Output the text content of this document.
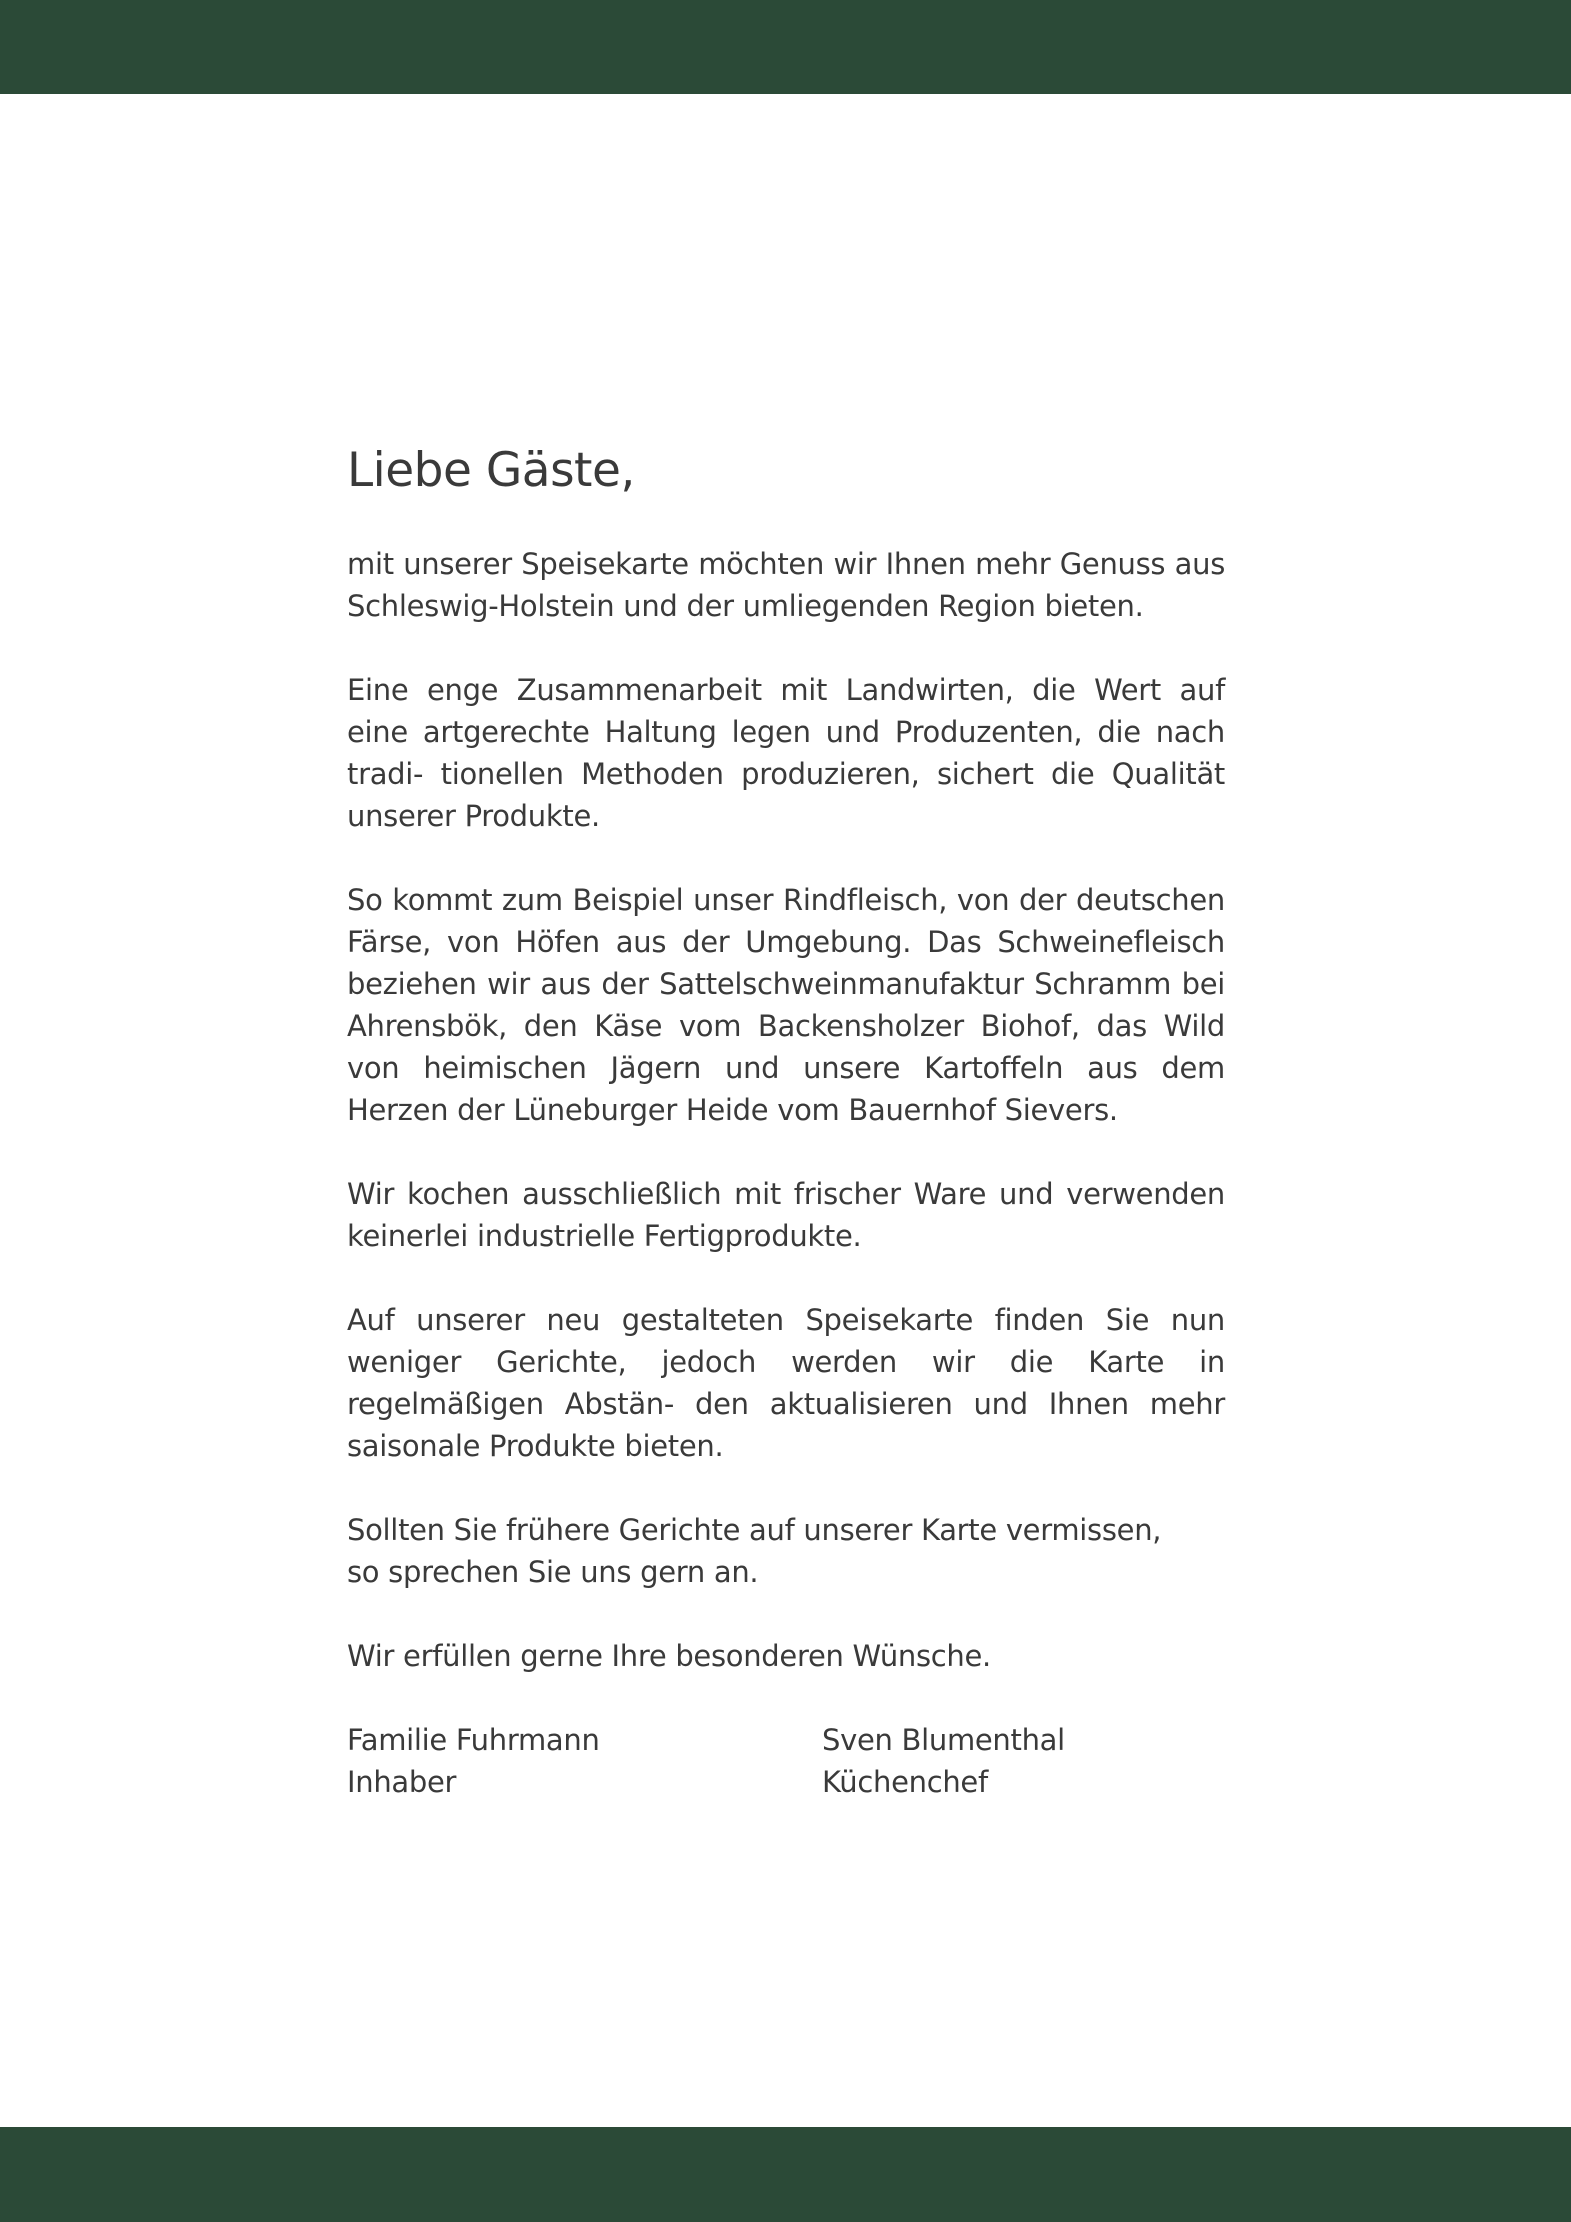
Liebe Gäste,

mit unserer Speisekarte möchten wir Ihnen mehr Genuss aus Schleswig-Holstein und der umliegenden Region bieten.

Eine enge Zusammenarbeit mit Landwirten, die Wert auf eine artgerechte Haltung legen und Produzenten, die nach tradi- tionellen Methoden produzieren, sichert die Qualität unserer Produkte.

So kommt zum Beispiel unser Rindfleisch, von der deutschen Färse, von Höfen aus der Umgebung. Das Schweinefleisch beziehen wir aus der Sattelschweinmanufaktur Schramm bei Ahrensbök, den Käse vom Backensholzer Biohof, das Wild von heimischen Jägern und unsere Kartoffeln aus dem Herzen der Lüneburger Heide vom Bauernhof Sievers.

Wir kochen ausschließlich mit frischer Ware und verwenden keinerlei industrielle Fertigprodukte.

Auf unserer neu gestalteten Speisekarte finden Sie nun weniger Gerichte, jedoch werden wir die Karte in regelmäßigen Abstän- den aktualisieren und Ihnen mehr saisonale Produkte bieten.

Sollten Sie frühere Gerichte auf unserer Karte vermissen,
so sprechen Sie uns gern an.

Wir erfüllen gerne Ihre besonderen Wünsche.

Familie Fuhrmann
Inhaber
Sven Blumenthal
Küchenchef
